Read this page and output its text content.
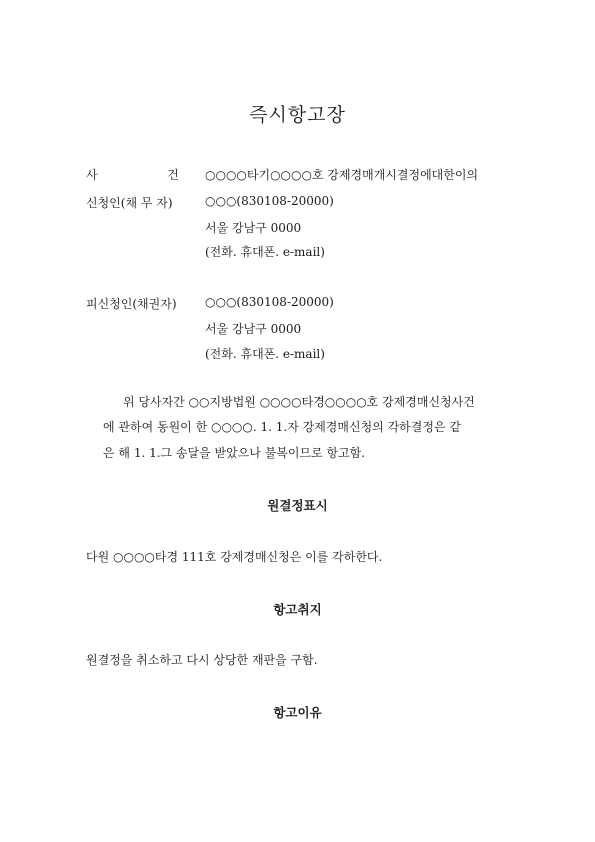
즉시항고장
사	건 ○○○○타기○○○○호 강제경매개시결정에대한이의
신청인(채 무 자)	○○○(830108-20000)
서울 강남구 0000
(전화. 휴대폰. e-mail)
피신청인(채권자) ○○○(830108-20000)
서울 강남구 0000
(전화. 휴대폰. e-mail)
위 당사자간 ○○지방법원 ○○○○타경○○○○호 강제경매신청사건
에 관하여 동원이 한 ○○○○. 1. 1.자 강제경매신청의 각하결정은 같
은 해 1. 1.그 송달을 받았으나 불복이므로 항고함.
원결정표시
다원 ○○○○타경 111호 강제경매신청은 이를 각하한다.
항고취지
원결정을 취소하고 다시 상당한 재판을 구함.
항고이유
